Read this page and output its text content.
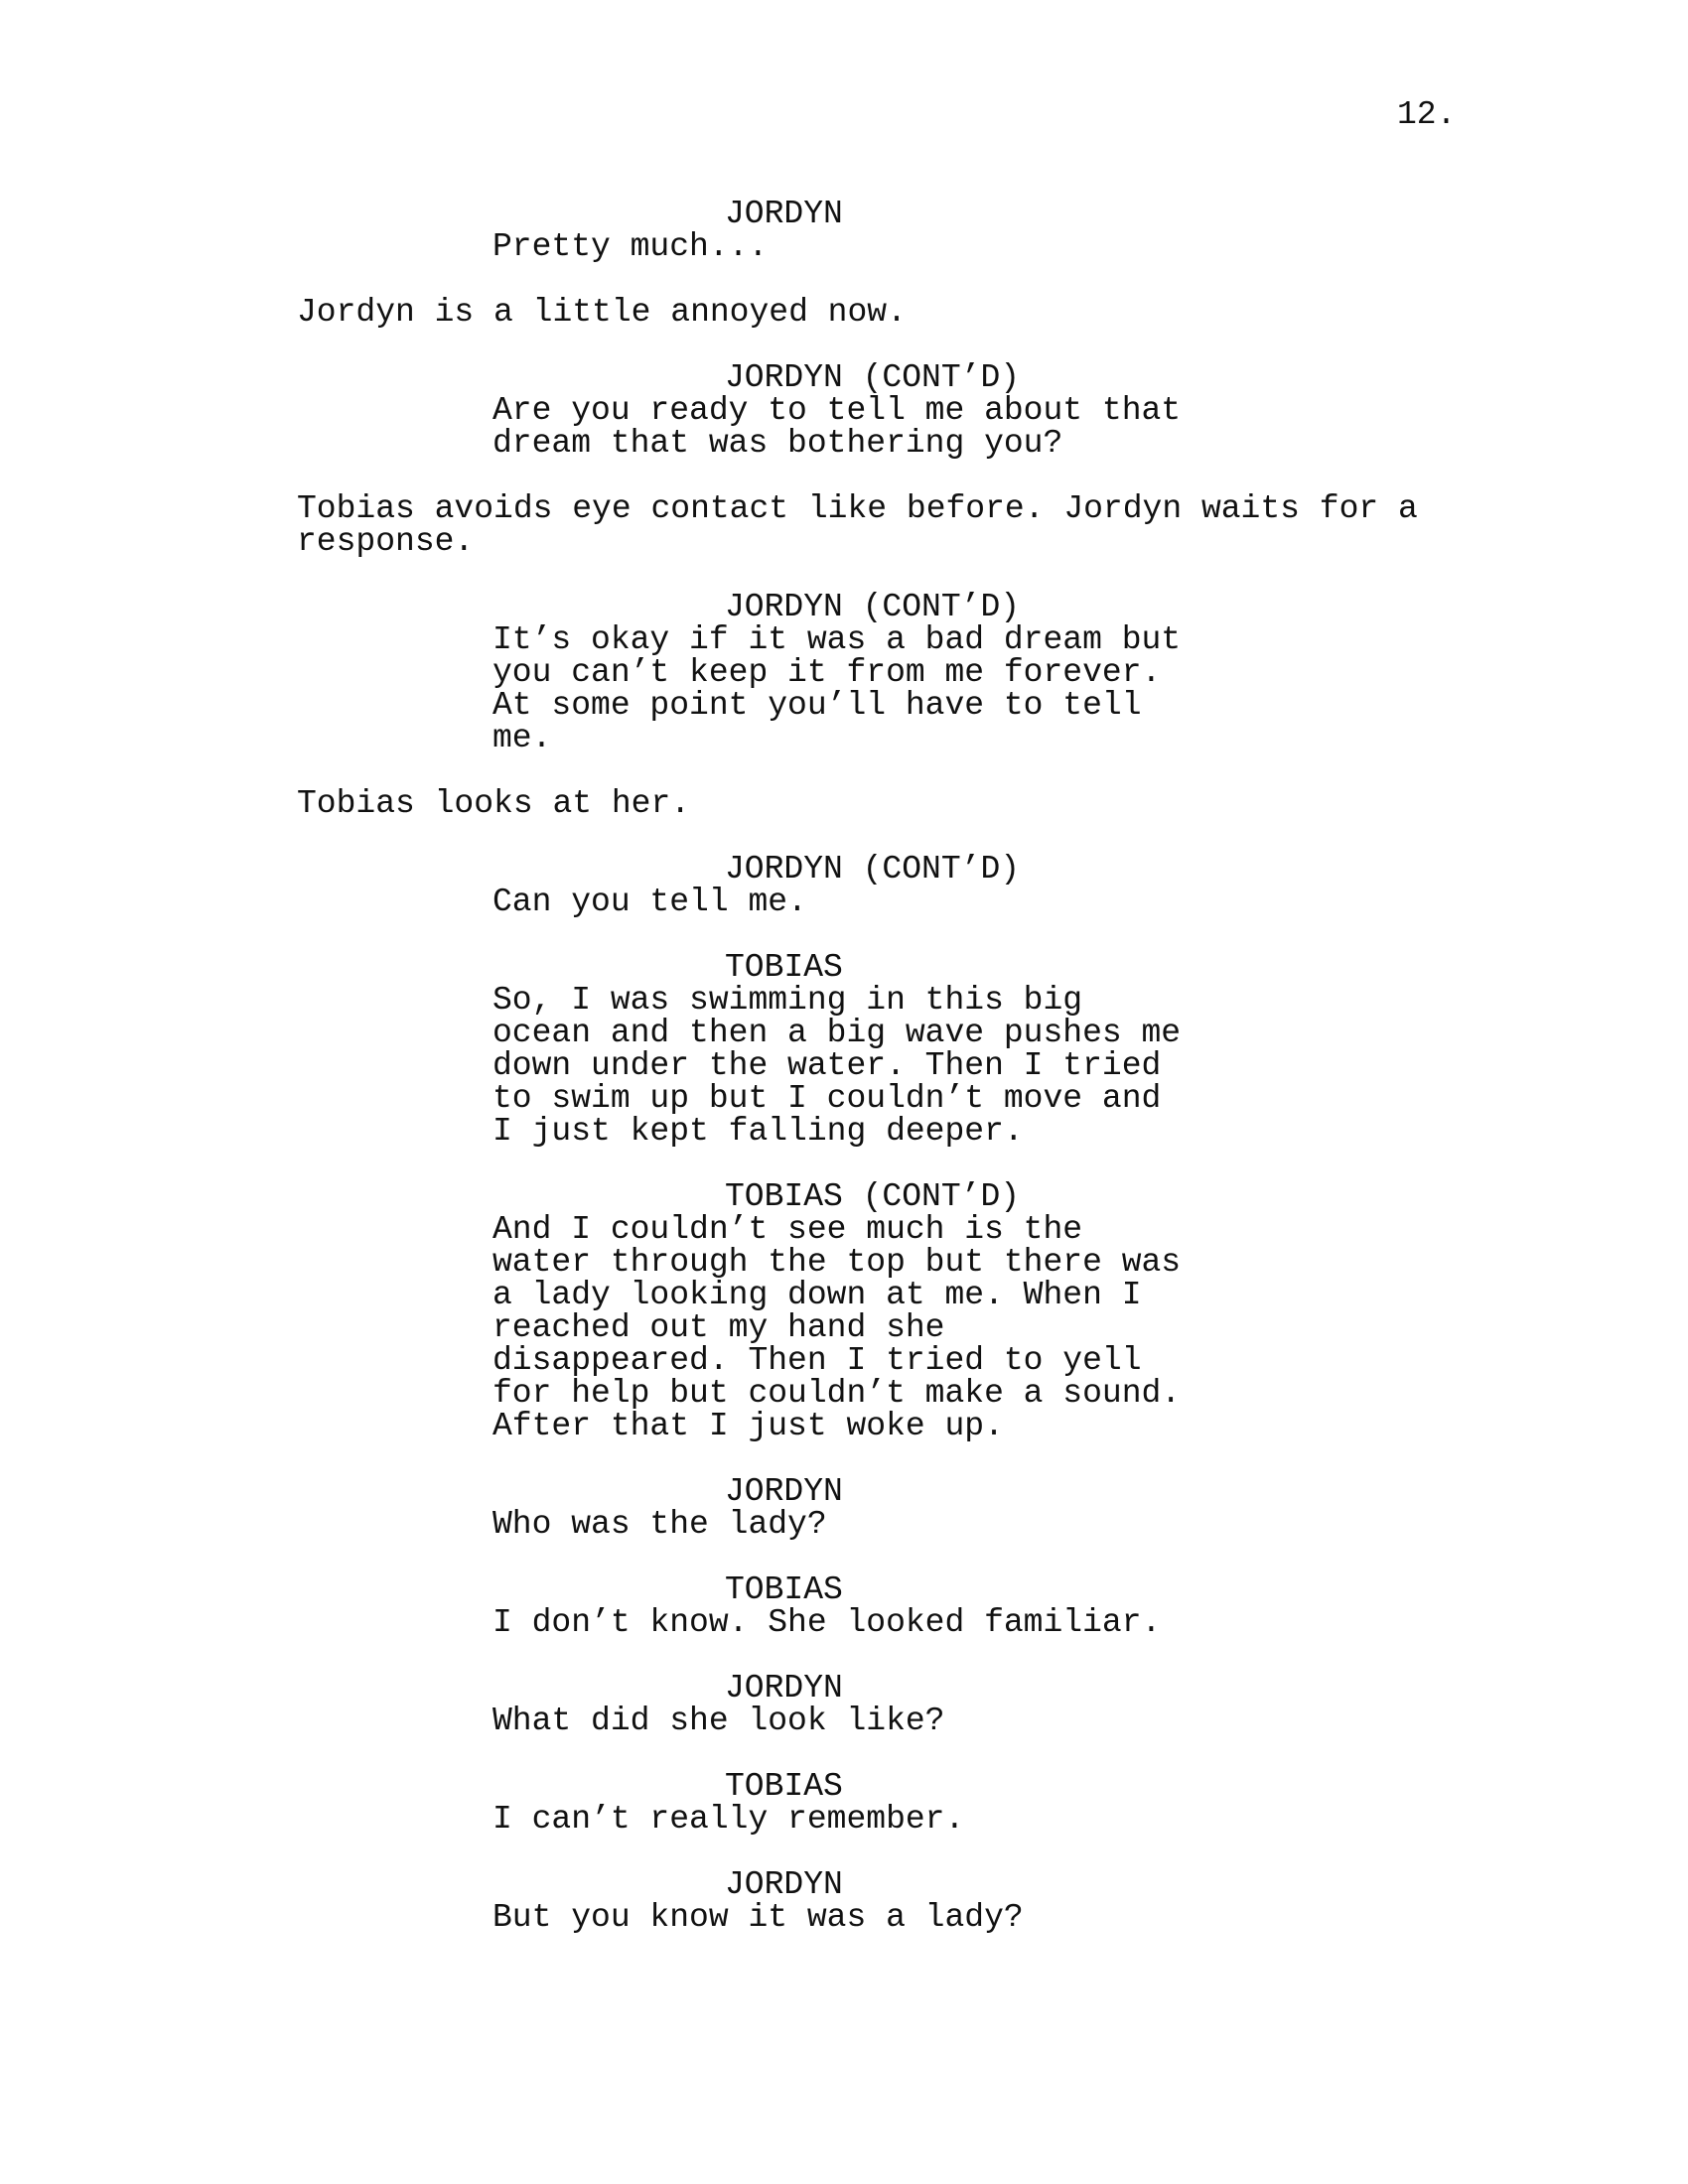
12.
JORDYN
Pretty much...
Jordyn is a little annoyed now.
JORDYN (CONT’D)
Are you ready to tell me about that
dream that was bothering you?
Tobias avoids eye contact like before. Jordyn waits for a
response.
JORDYN (CONT’D)
It’s okay if it was a bad dream but
you can’t keep it from me forever.
At some point you’ll have to tell
me.
Tobias looks at her.
JORDYN (CONT’D)
Can you tell me.
TOBIAS
So, I was swimming in this big
ocean and then a big wave pushes me
down under the water. Then I tried
to swim up but I couldn’t move and
I just kept falling deeper.
TOBIAS (CONT’D)
And I couldn’t see much is the
water through the top but there was
a lady looking down at me. When I
reached out my hand she
disappeared. Then I tried to yell
for help but couldn’t make a sound.
After that I just woke up.
JORDYN
Who was the lady?
TOBIAS
I don’t know. She looked familiar.
JORDYN
What did she look like?
TOBIAS
I can’t really remember.
JORDYN
But you know it was a lady?
